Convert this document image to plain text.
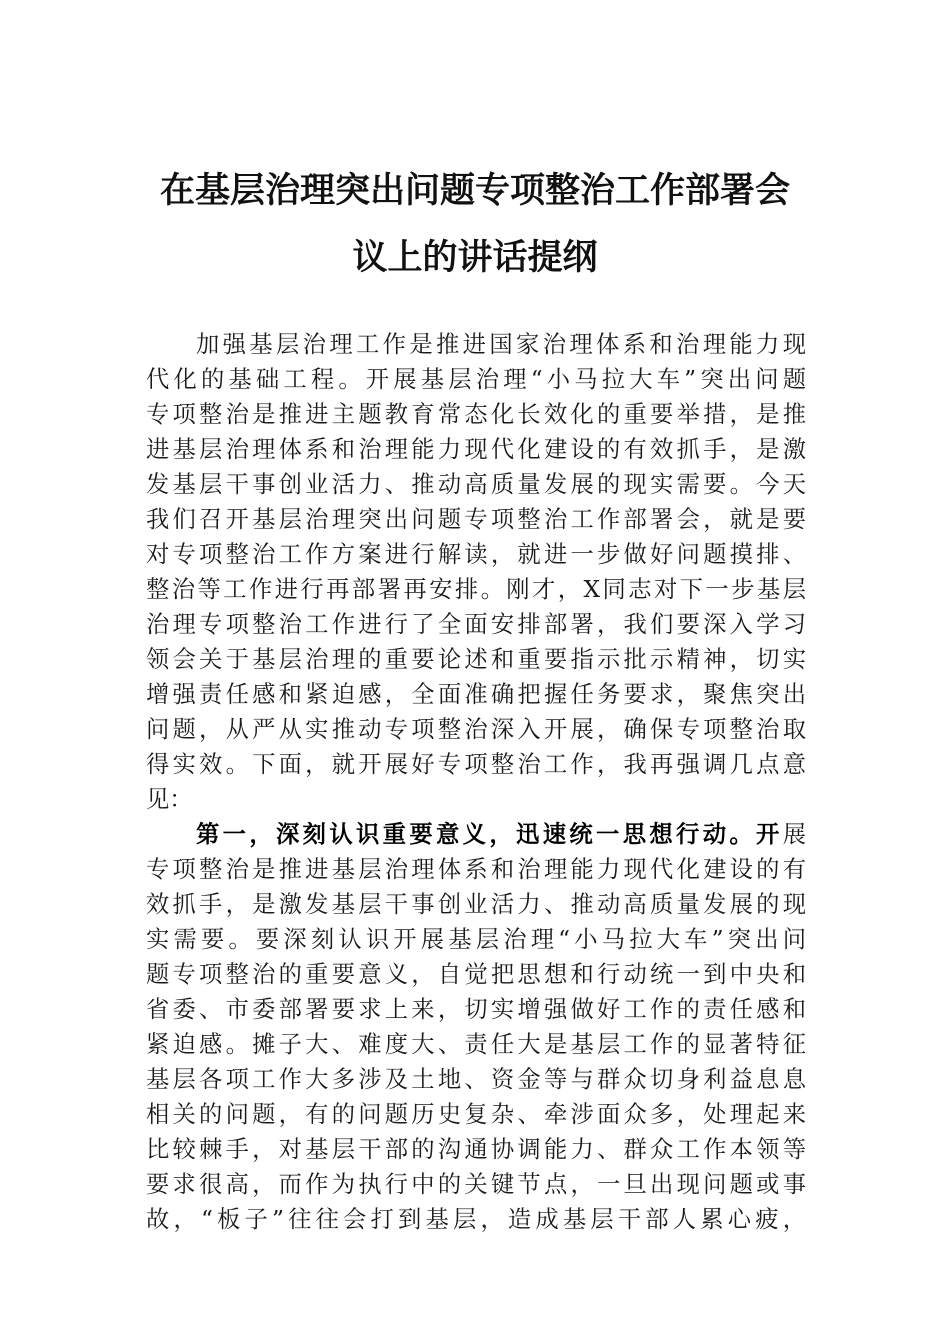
在基层治理突出问题专项整治工作部署会
议上的讲话提纲
加强基层治理工作是推进国家治理体系和治理能力现
代化的基础工程。开展基层治理“小马拉大车”突出问题
专项整治是推进主题教育常态化长效化的重要举措，是推
进基层治理体系和治理能力现代化建设的有效抓手，是激
发基层干事创业活力、推动高质量发展的现实需要。今天
我们召开基层治理突出问题专项整治工作部署会，就是要
对专项整治工作方案进行解读，就进一步做好问题摸排、
整治等工作进行再部署再安排。刚才，X同志对下一步基层
治理专项整治工作进行了全面安排部署，我们要深入学习
领会关于基层治理的重要论述和重要指示批示精神，切实
增强责任感和紧迫感，全面准确把握任务要求，聚焦突出
问题，从严从实推动专项整治深入开展，确保专项整治取
得实效。下面，就开展好专项整治工作，我再强调几点意
见：
第一，深刻认识重要意义，迅速统一思想行动。开展
专项整治是推进基层治理体系和治理能力现代化建设的有
效抓手，是激发基层干事创业活力、推动高质量发展的现
实需要。要深刻认识开展基层治理“小马拉大车”突出问
题专项整治的重要意义，自觉把思想和行动统一到中央和
省委、市委部署要求上来，切实增强做好工作的责任感和
紧迫感。摊子大、难度大、责任大是基层工作的显著特征
基层各项工作大多涉及土地、资金等与群众切身利益息息
相关的问题，有的问题历史复杂、牵涉面众多，处理起来
比较棘手，对基层干部的沟通协调能力、群众工作本领等
要求很高，而作为执行中的关键节点，一旦出现问题或事
故，“板子”往往会打到基层，造成基层干部人累心疲，
